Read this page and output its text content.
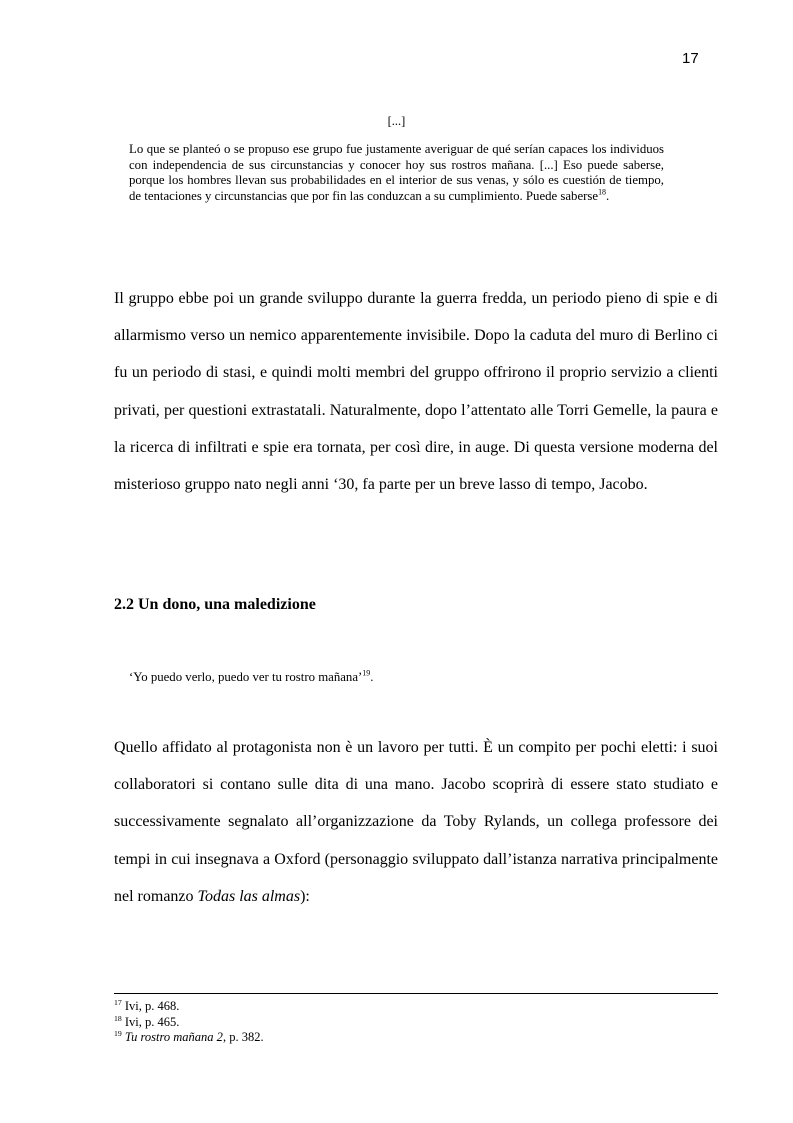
17
[...]
Lo que se planteó o se propuso ese grupo fue justamente averiguar de qué serían capaces los individuos con independencia de sus circunstancias y conocer hoy sus rostros mañana. [...] Eso puede saberse, porque los hombres llevan sus probabilidades en el interior de sus venas, y sólo es cuestión de tiempo, de tentaciones y circunstancias que por fin las conduzcan a su cumplimiento. Puede saberse$^{18}$.

Il gruppo ebbe poi un grande sviluppo durante la guerra fredda, un periodo pieno di spie e di allarmismo verso un nemico apparentemente invisibile. Dopo la caduta del muro di Berlino ci fu un periodo di stasi, e quindi molti membri del gruppo offrirono il proprio servizio a clienti privati, per questioni extrastatali. Naturalmente, dopo l’attentato alle Torri Gemelle, la paura e la ricerca di infiltrati e spie era tornata, per così dire, in auge. Di questa versione moderna del misterioso gruppo nato negli anni ‘30, fa parte per un breve lasso di tempo, Jacobo.

2.2 Un dono, una maledizione
‘Yo puedo verlo, puedo ver tu rostro mañana’$^{19}$.

Quello affidato al protagonista non è un lavoro per tutti. È un compito per pochi eletti: i suoi collaboratori si contano sulle dita di una mano. Jacobo scoprirà di essere stato studiato e successivamente segnalato all’organizzazione da Toby Rylands, un collega professore dei tempi in cui insegnava a Oxford (personaggio sviluppato dall’istanza narrativa principalmente nel romanzo Todas las almas):

$^{17}$ Ivi, p. 468.
$^{18}$ Ivi, p. 465.
$^{19}$ Tu rostro mañana 2, p. 382.
